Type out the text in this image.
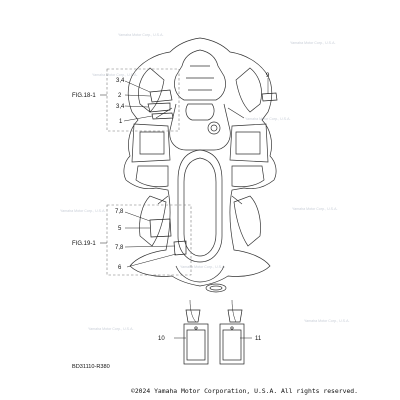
Yamaha Motor Corp., U.S.A.
Yamaha Motor Corp., U.S.A.
Yamaha Motor Corp., U.S.A.
Yamaha Motor Corp., U.S.A.
Yamaha Motor Corp., U.S.A.	Yamaha Motor Corp., U.S.A.
Yamaha Motor Corp., U.S.A.
Yamaha Motor Corp., U.S.A.
Yamaha Motor Corp., U.S.A.
FIG.18-1
3,4
2
3,4
1
9
FIG.19-1
7,8
5
7,8
6
10	11
BD31110-R380
©2024 Yamaha Motor Corporation, U.S.A. All rights reserved.
